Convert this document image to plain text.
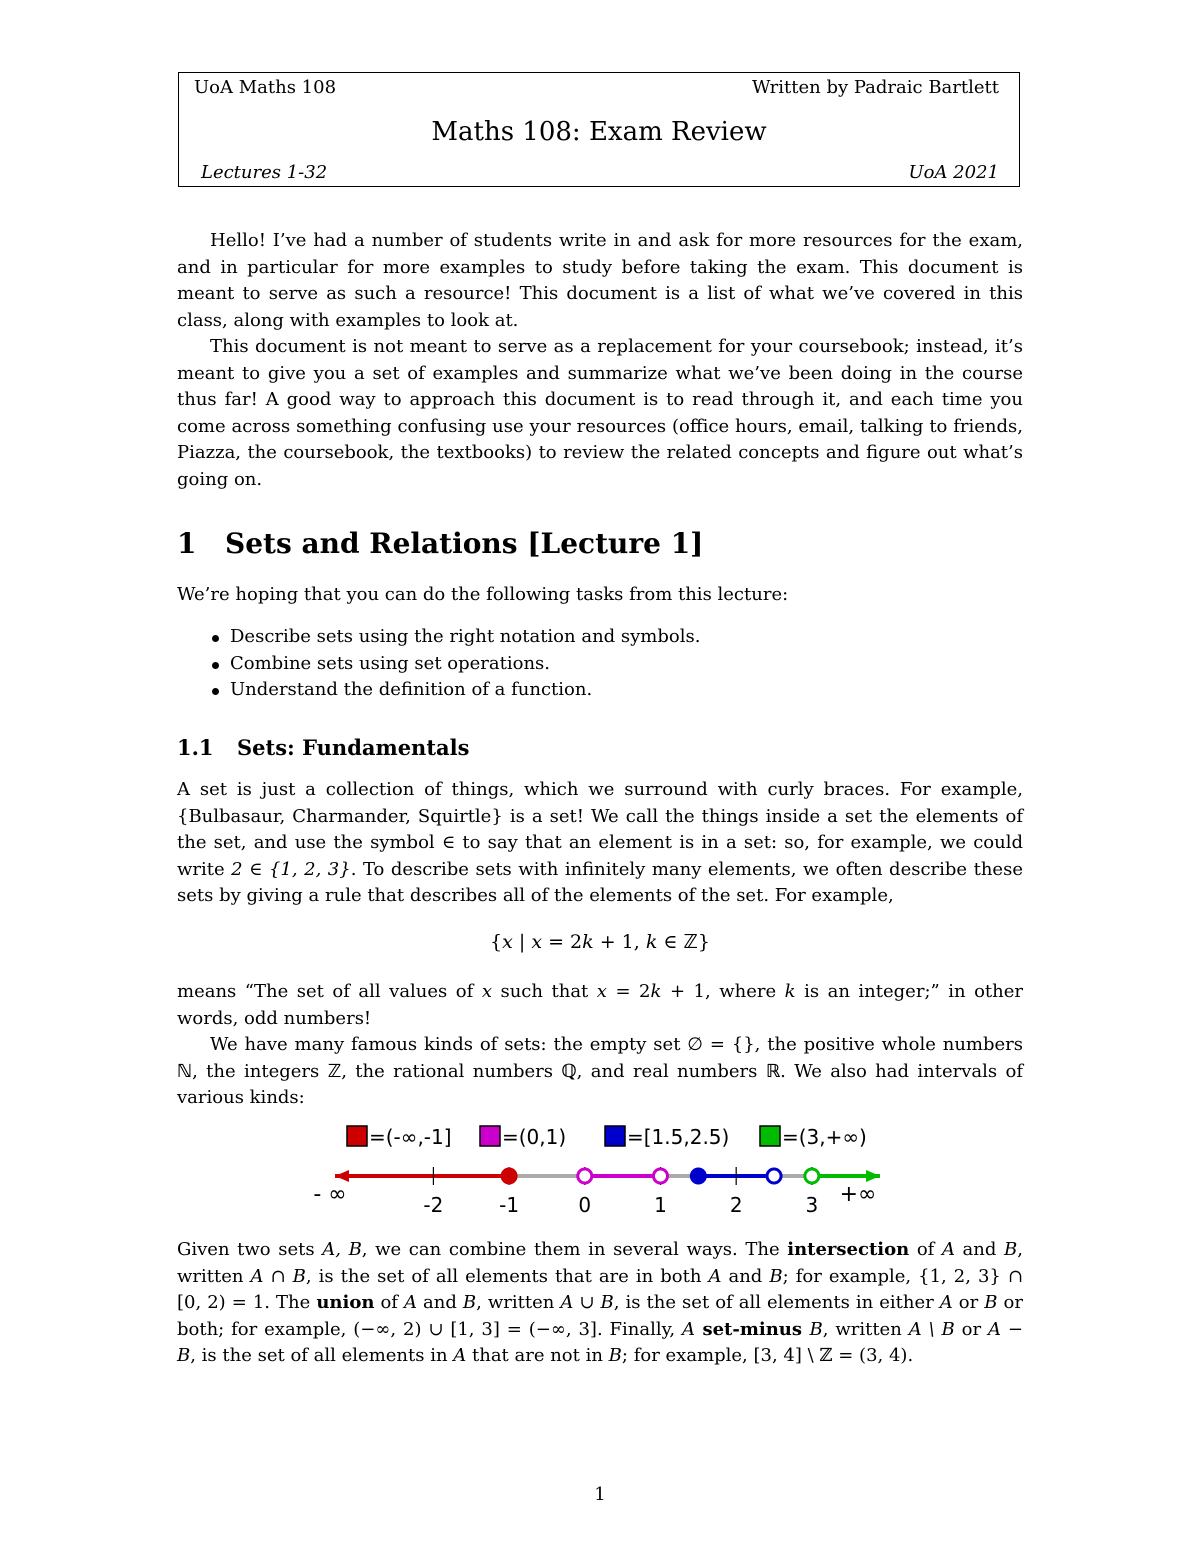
UoA Maths 108	Written by Padraic Bartlett
Maths 108: Exam Review
Lectures 1-32	UoA 2021

Hello! I’ve had a number of students write in and ask for more resources for the exam, and in particular for more examples to study before taking the exam. This document is meant to serve as such a resource! This document is a list of what we’ve covered in this class, along with examples to look at.

This document is not meant to serve as a replacement for your coursebook; instead, it’s meant to give you a set of examples and summarize what we’ve been doing in the course thus far! A good way to approach this document is to read through it, and each time you come across something confusing use your resources (office hours, email, talking to friends, Piazza, the coursebook, the textbooks) to review the related concepts and figure out what’s going on.

1 Sets and Relations [Lecture 1]

We’re hoping that you can do the following tasks from this lecture:

Describe sets using the right notation and symbols.
Combine sets using set operations.
Understand the definition of a function.
1.1 Sets: Fundamentals

A set is just a collection of things, which we surround with curly braces. For example, {Bulbasaur, Charmander, Squirtle} is a set! We call the things inside a set the elements of the set, and use the symbol ∈ to say that an element is in a set: so, for example, we could write 2 ∈ {1, 2, 3}. To describe sets with infinitely many elements, we often describe these sets by giving a rule that describes all of the elements of the set. For example,

{x | x = 2k + 1, k ∈ ℤ}

means “The set of all values of x such that x = 2k + 1, where k is an integer;” in other words, odd numbers!

We have many famous kinds of sets: the empty set ∅ = {}, the positive whole numbers ℕ, the integers ℤ, the rational numbers ℚ, and real numbers ℝ. We also had intervals of various kinds:

=(-∞,-1]	=(0,1)	=[1.5,2.5)	=(3,+∞)
-2	-1	0	1	2	3
- ∞	+∞

Given two sets A, B, we can combine them in several ways. The intersection of A and B, written A ∩ B, is the set of all elements that are in both A and B; for example, {1, 2, 3} ∩ [0, 2) = 1. The union of A and B, written A ∪ B, is the set of all elements in either A or B or both; for example, (−∞, 2) ∪ [1, 3] = (−∞, 3]. Finally, A set-minus B, written A \ B or A − B, is the set of all elements in A that are not in B; for example, [3, 4] \ ℤ = (3, 4).

1
